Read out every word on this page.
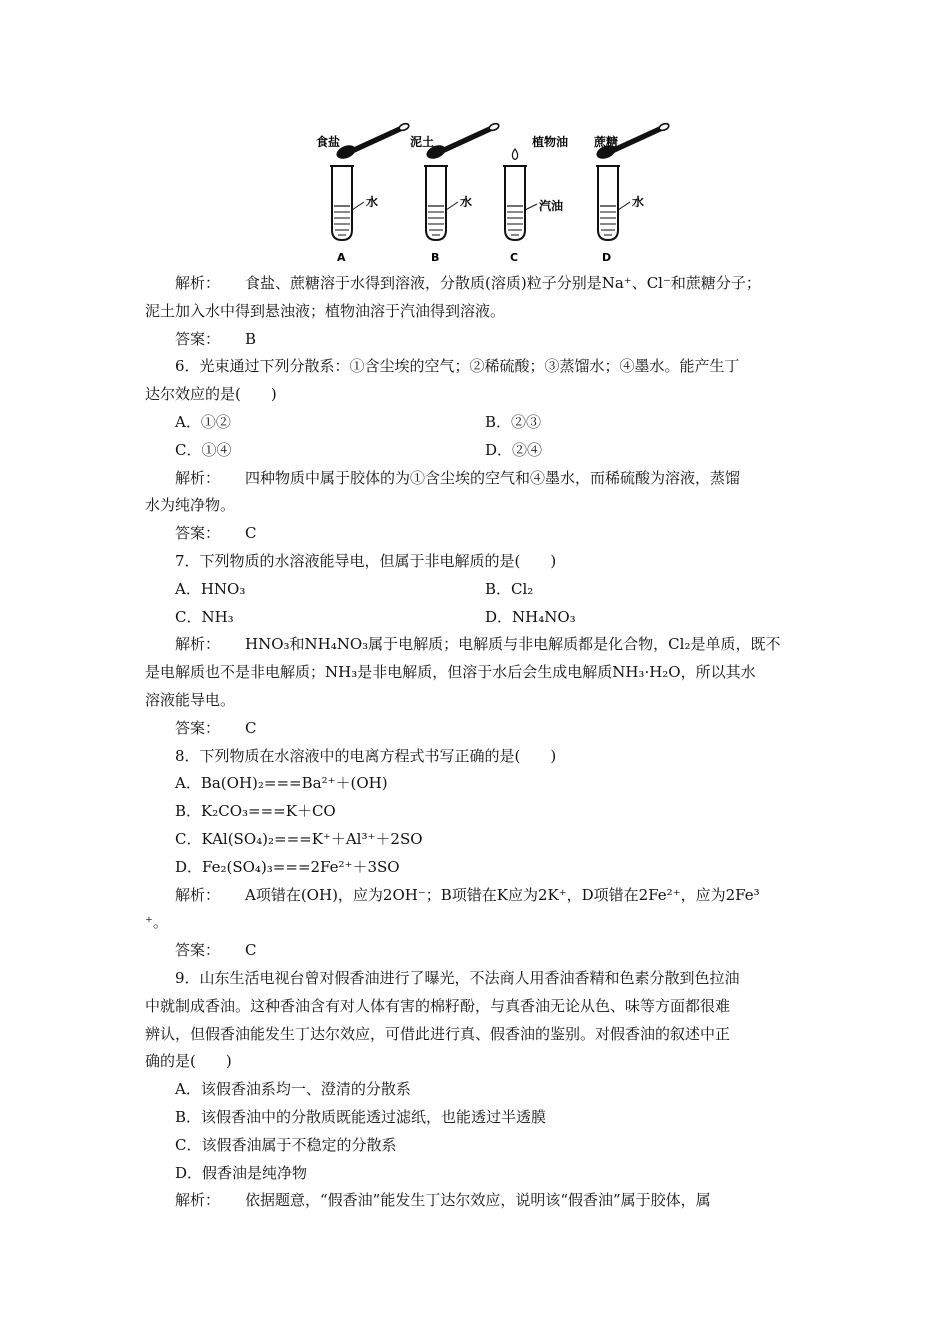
食盐
水
A
泥土
水
B
植物油
汽油
C
蔗糖
水
D
解析： 食盐、蔗糖溶于水得到溶液，分散质(溶质)粒子分别是Na⁺、Cl⁻和蔗糖分子；
泥土加入水中得到悬浊液；植物油溶于汽油得到溶液。
答案： B
6．光束通过下列分散系：①含尘埃的空气；②稀硫酸；③蒸馏水；④墨水。能产生丁
达尔效应的是(　　)
A．①②	B．②③
C．①④	D．②④
解析： 四种物质中属于胶体的为①含尘埃的空气和④墨水，而稀硫酸为溶液，蒸馏
水为纯净物。
答案： C
7．下列物质的水溶液能导电，但属于非电解质的是(　　)
A．HNO₃	B．Cl₂
C．NH₃	D．NH₄NO₃
解析： HNO₃和NH₄NO₃属于电解质；电解质与非电解质都是化合物，Cl₂是单质，既不
是电解质也不是非电解质；NH₃是非电解质，但溶于水后会生成电解质NH₃·H₂O，所以其水
溶液能导电。
答案： C
8．下列物质在水溶液中的电离方程式书写正确的是(　　)
A．Ba(OH)₂===Ba²⁺＋(OH)
B．K₂CO₃===K＋CO
C．KAl(SO₄)₂===K⁺＋Al³⁺＋2SO
D．Fe₂(SO₄)₃===2Fe²⁺＋3SO
解析： A项错在(OH)，应为2OH⁻；B项错在K应为2K⁺，D项错在2Fe²⁺，应为2Fe³
⁺。
答案： C
9．山东生活电视台曾对假香油进行了曝光，不法商人用香油香精和色素分散到色拉油
中就制成香油。这种香油含有对人体有害的棉籽酚，与真香油无论从色、味等方面都很难
辨认，但假香油能发生丁达尔效应，可借此进行真、假香油的鉴别。对假香油的叙述中正
确的是(　　)
A．该假香油系均一、澄清的分散系
B．该假香油中的分散质既能透过滤纸，也能透过半透膜
C．该假香油属于不稳定的分散系
D．假香油是纯净物
解析： 依据题意，“假香油”能发生丁达尔效应，说明该“假香油”属于胶体，属
